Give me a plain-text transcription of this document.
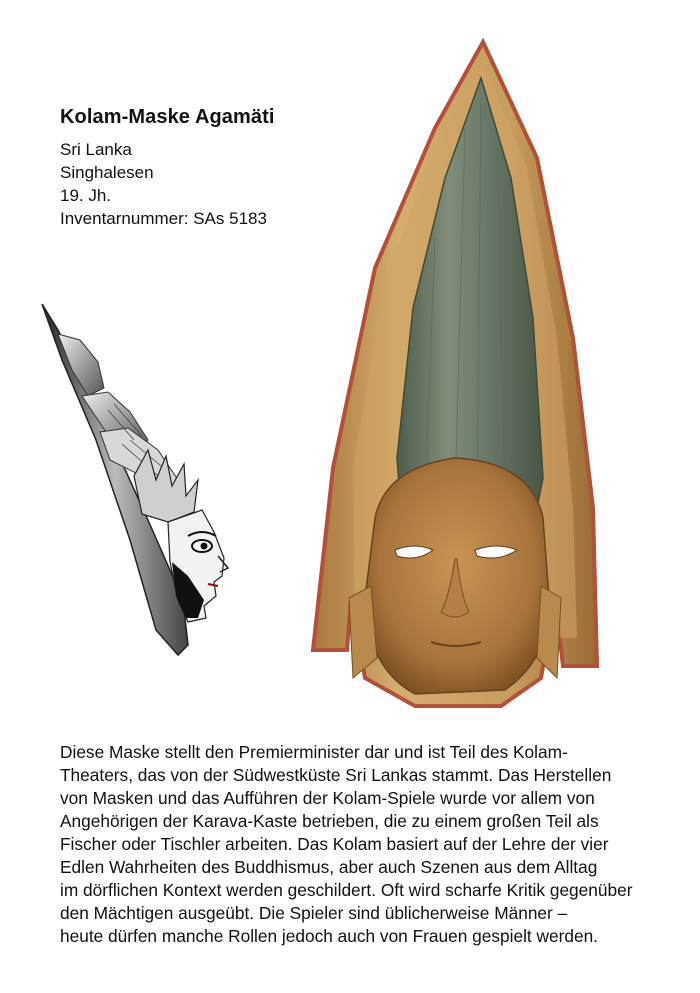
Kolam-Maske Agamäti
Sri Lanka
Singhalesen
19. Jh.
Inventarnummer: SAs 5183
Diese Maske stellt den Premierminister dar und ist Teil des Kolam-
Theaters, das von der Südwestküste Sri Lankas stammt. Das Herstellen
von Masken und das Aufführen der Kolam-Spiele wurde vor allem von
Angehörigen der Karava-Kaste betrieben, die zu einem großen Teil als
Fischer oder Tischler arbeiten. Das Kolam basiert auf der Lehre der vier
Edlen Wahrheiten des Buddhismus, aber auch Szenen aus dem Alltag
im dörflichen Kontext werden geschildert. Oft wird scharfe Kritik gegenüber
den Mächtigen ausgeübt. Die Spieler sind üblicherweise Männer –
heute dürfen manche Rollen jedoch auch von Frauen gespielt werden.
